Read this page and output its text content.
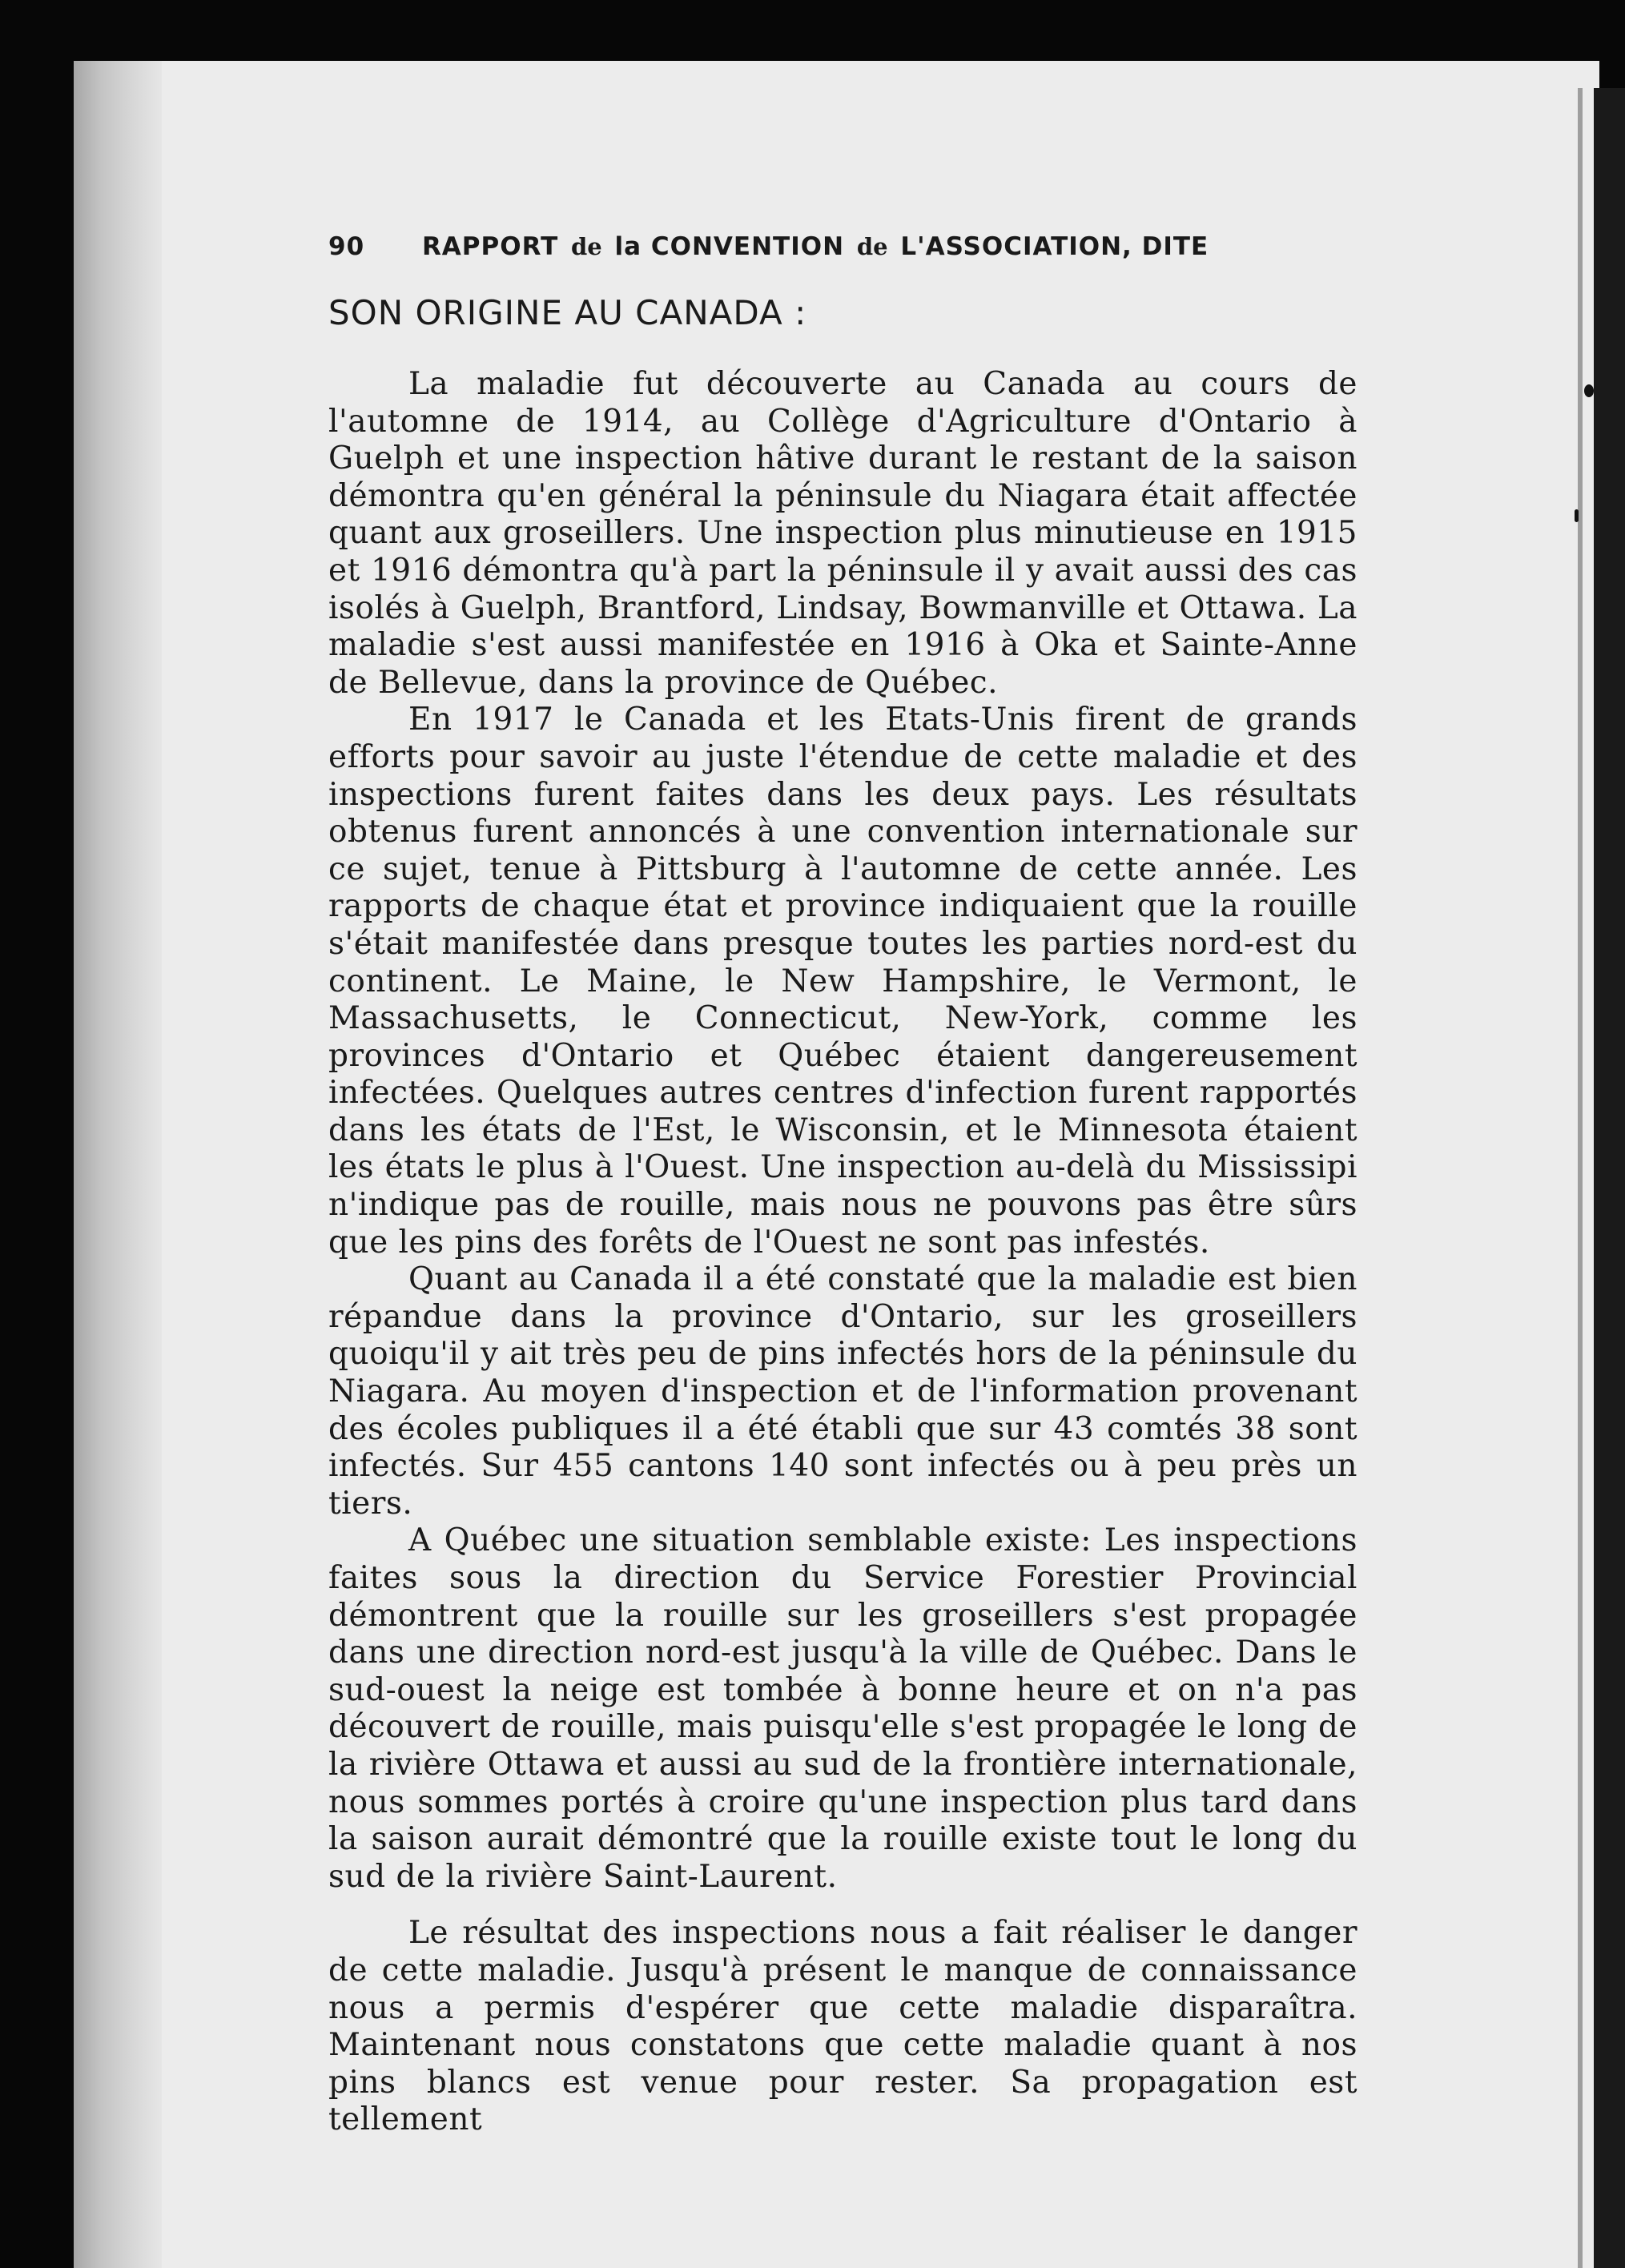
90 RAPPORT de la CONVENTION de L'ASSOCIATION, DITE
SON ORIGINE AU CANADA :

La maladie fut découverte au Canada au cours de l'automne de 1914, au Collège d'Agriculture d'Ontario à Guelph et une inspection hâtive durant le restant de la saison démontra qu'en général la péninsule du Niagara était affectée quant aux groseillers. Une inspection plus minutieuse en 1915 et 1916 démontra qu'à part la péninsule il y avait aussi des cas isolés à Guelph, Brantford, Lindsay, Bowmanville et Ottawa. La maladie s'est aussi manifestée en 1916 à Oka et Sainte-Anne de Bellevue, dans la province de Québec.

En 1917 le Canada et les Etats-Unis firent de grands efforts pour savoir au juste l'étendue de cette maladie et des inspections furent faites dans les deux pays. Les résultats obtenus furent annoncés à une convention internationale sur ce sujet, tenue à Pittsburg à l'automne de cette année. Les rapports de chaque état et province indiquaient que la rouille s'était manifestée dans presque toutes les parties nord-est du continent. Le Maine, le New Hampshire, le Vermont, le Massachusetts, le Connecticut, New-York, comme les provinces d'Ontario et Québec étaient dangereusement infectées. Quelques autres centres d'infection furent rapportés dans les états de l'Est, le Wisconsin, et le Minnesota étaient les états le plus à l'Ouest. Une inspection au-delà du Mississipi n'indique pas de rouille, mais nous ne pouvons pas être sûrs que les pins des forêts de l'Ouest ne sont pas infestés.

Quant au Canada il a été constaté que la maladie est bien répandue dans la province d'Ontario, sur les groseillers quoiqu'il y ait très peu de pins infectés hors de la péninsule du Niagara. Au moyen d'inspection et de l'information provenant des écoles publiques il a été établi que sur 43 comtés 38 sont infectés. Sur 455 cantons 140 sont infectés ou à peu près un tiers.

A Québec une situation semblable existe: Les inspections faites sous la direction du Service Forestier Provincial démontrent que la rouille sur les groseillers s'est propagée dans une direction nord-est jusqu'à la ville de Québec. Dans le sud-ouest la neige est tombée à bonne heure et on n'a pas découvert de rouille, mais puisqu'elle s'est propagée le long de la rivière Ottawa et aussi au sud de la frontière internationale, nous sommes portés à croire qu'une inspection plus tard dans la saison aurait démontré que la rouille existe tout le long du sud de la rivière Saint-Laurent.

Le résultat des inspections nous a fait réaliser le danger de cette maladie. Jusqu'à présent le manque de connaissance nous a permis d'espérer que cette maladie disparaîtra. Maintenant nous constatons que cette maladie quant à nos pins blancs est venue pour rester. Sa propagation est tellement
